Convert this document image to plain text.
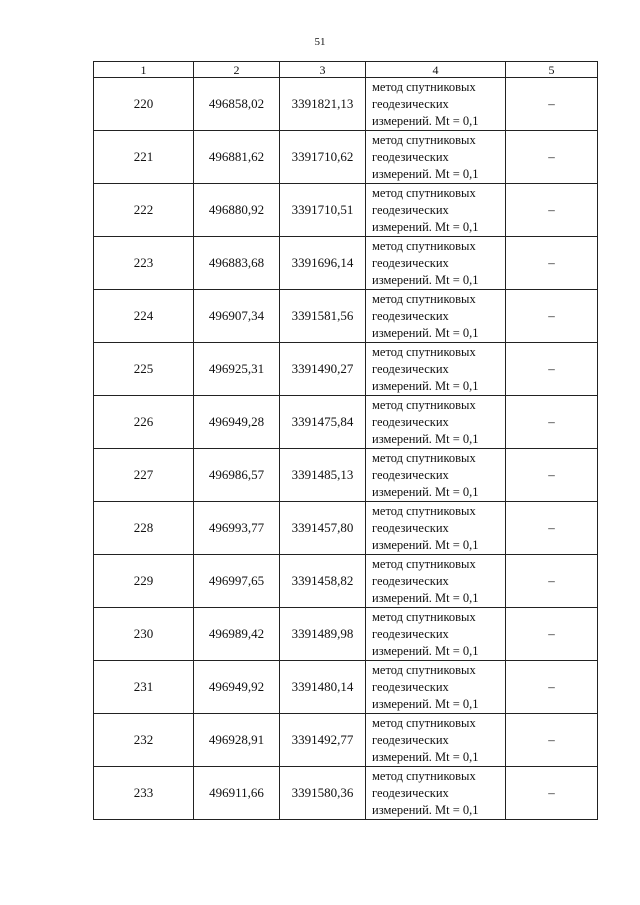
51
1	2	3	4	5
220	496858,02	3391821,13	метод спутниковых
геодезических
измерений. Mt = 0,1	–
221	496881,62	3391710,62	метод спутниковых
геодезических
измерений. Mt = 0,1	–
222	496880,92	3391710,51	метод спутниковых
геодезических
измерений. Mt = 0,1	–
223	496883,68	3391696,14	метод спутниковых
геодезических
измерений. Mt = 0,1	–
224	496907,34	3391581,56	метод спутниковых
геодезических
измерений. Mt = 0,1	–
225	496925,31	3391490,27	метод спутниковых
геодезических
измерений. Mt = 0,1	–
226	496949,28	3391475,84	метод спутниковых
геодезических
измерений. Mt = 0,1	–
227	496986,57	3391485,13	метод спутниковых
геодезических
измерений. Mt = 0,1	–
228	496993,77	3391457,80	метод спутниковых
геодезических
измерений. Mt = 0,1	–
229	496997,65	3391458,82	метод спутниковых
геодезических
измерений. Mt = 0,1	–
230	496989,42	3391489,98	метод спутниковых
геодезических
измерений. Mt = 0,1	–
231	496949,92	3391480,14	метод спутниковых
геодезических
измерений. Mt = 0,1	–
232	496928,91	3391492,77	метод спутниковых
геодезических
измерений. Mt = 0,1	–
233	496911,66	3391580,36	метод спутниковых
геодезических
измерений. Mt = 0,1	–
